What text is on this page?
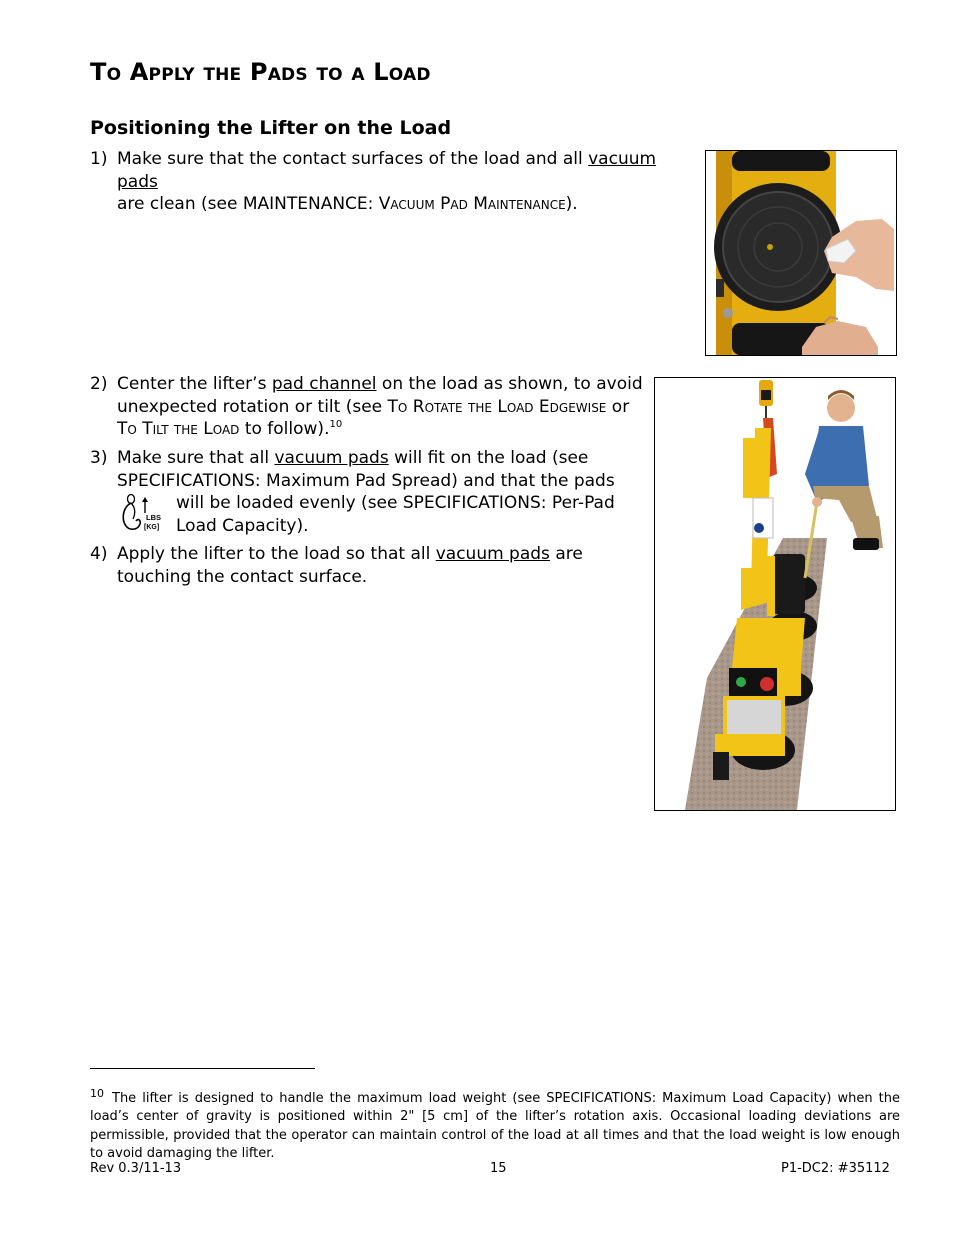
To Apply the Pads to a Load
Positioning the Lifter on the Load
1) Make sure that the contact surfaces of the load and all vacuum pads
are clean (see MAINTENANCE: Vacuum Pad Maintenance).
2) Center the lifter’s pad channel on the load as shown, to avoid unexpected rotation or tilt (see To Rotate the Load Edgewise or To Tilt the Load to follow).$^{10}$
3) Make sure that all vacuum pads will fit on the load (see SPECIFICATIONS: Maximum Pad Spread) and that the pads
LBS
[KG]
will be loaded evenly (see SPECIFICATIONS: Per-Pad Load Capacity).
4) Apply the lifter to the load so that all vacuum pads are touching the contact surface.
$^{10}$ The lifter is designed to handle the maximum load weight (see SPECIFICATIONS: Maximum Load Capacity) when the load’s center of gravity is positioned within 2" [5 cm] of the lifter’s rotation axis. Occasional loading deviations are permissible, provided that the operator can maintain control of the load at all times and that the load weight is low enough to avoid damaging the lifter.
Rev 0.3/11-13	15	P1-DC2: #35112
